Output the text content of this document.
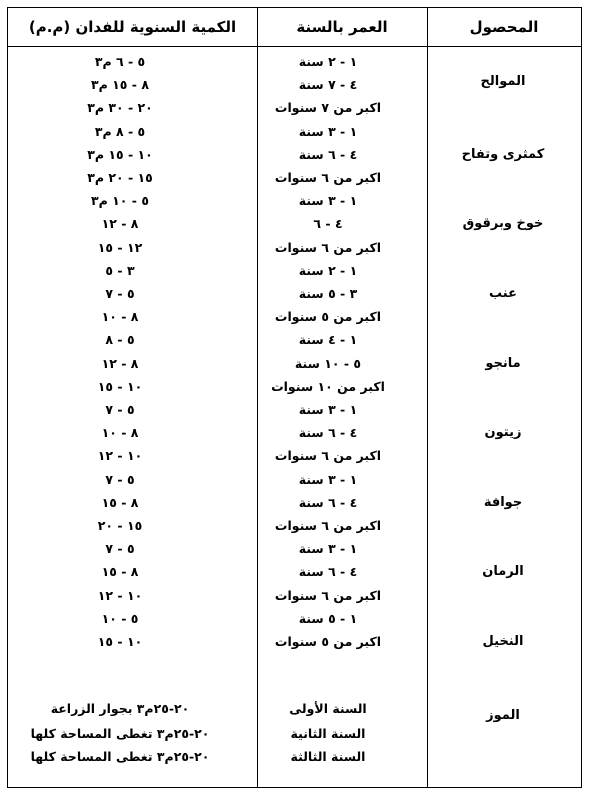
الكمية السنوية للفدان (م.م)	العمر بالسنة	المحصول
١ - ٢ سنة
٤ - ٧ سنة
اكبر من ٧ سنوات
١ - ٣ سنة
٤ - ٦ سنة
اكبر من ٦ سنوات
١ - ٣ سنة
٤ - ٦
اكبر من ٦ سنوات
١ - ٢ سنة
٣ - ٥ سنة
اكبر من ٥ سنوات
١ - ٤ سنة
٥ - ١٠ سنة
اكبر من ١٠ سنوات
١ - ٣ سنة
٤ - ٦ سنة
اكبر من ٦ سنوات
١ - ٣ سنة
٤ - ٦ سنة
اكبر من ٦ سنوات
١ - ٣ سنة
٤ - ٦ سنة
اكبر من ٦ سنوات
١ - ٥ سنة
اكبر من ٥ سنوات
٥ - ٦ م٣
٨ - ١٥ م٣
٢٠ - ٣٠ م٣
٥ - ٨ م٣
١٠ - ١٥ م٣
١٥ - ٢٠ م٣
٥ - ١٠ م٣
٨ - ١٢
١٢ - ١٥
٣ - ٥
٥ - ٧
٨ - ١٠
٥ - ٨
٨ - ١٢
١٠ - ١٥
٥ - ٧
٨ - ١٠
١٠ - ١٢
٥ - ٧
٨ - ١٥
١٥ - ٢٠
٥ - ٧
٨ - ١٥
١٠ - ١٢
٥ - ١٠
١٠ - ١٥
الموالح
كمثرى وتفاح
خوخ وبرقوق
عنب
مانجو
زيتون
جوافة
الرمان
النخيل
السنة الأولى
٢٠-٢٥م٣ بجوار الزراعة
السنة الثانية
٢٠-٢٥م٣ تغطى المساحة كلها
السنة الثالثة
٢٠-٢٥م٣ تغطى المساحة كلها
الموز
